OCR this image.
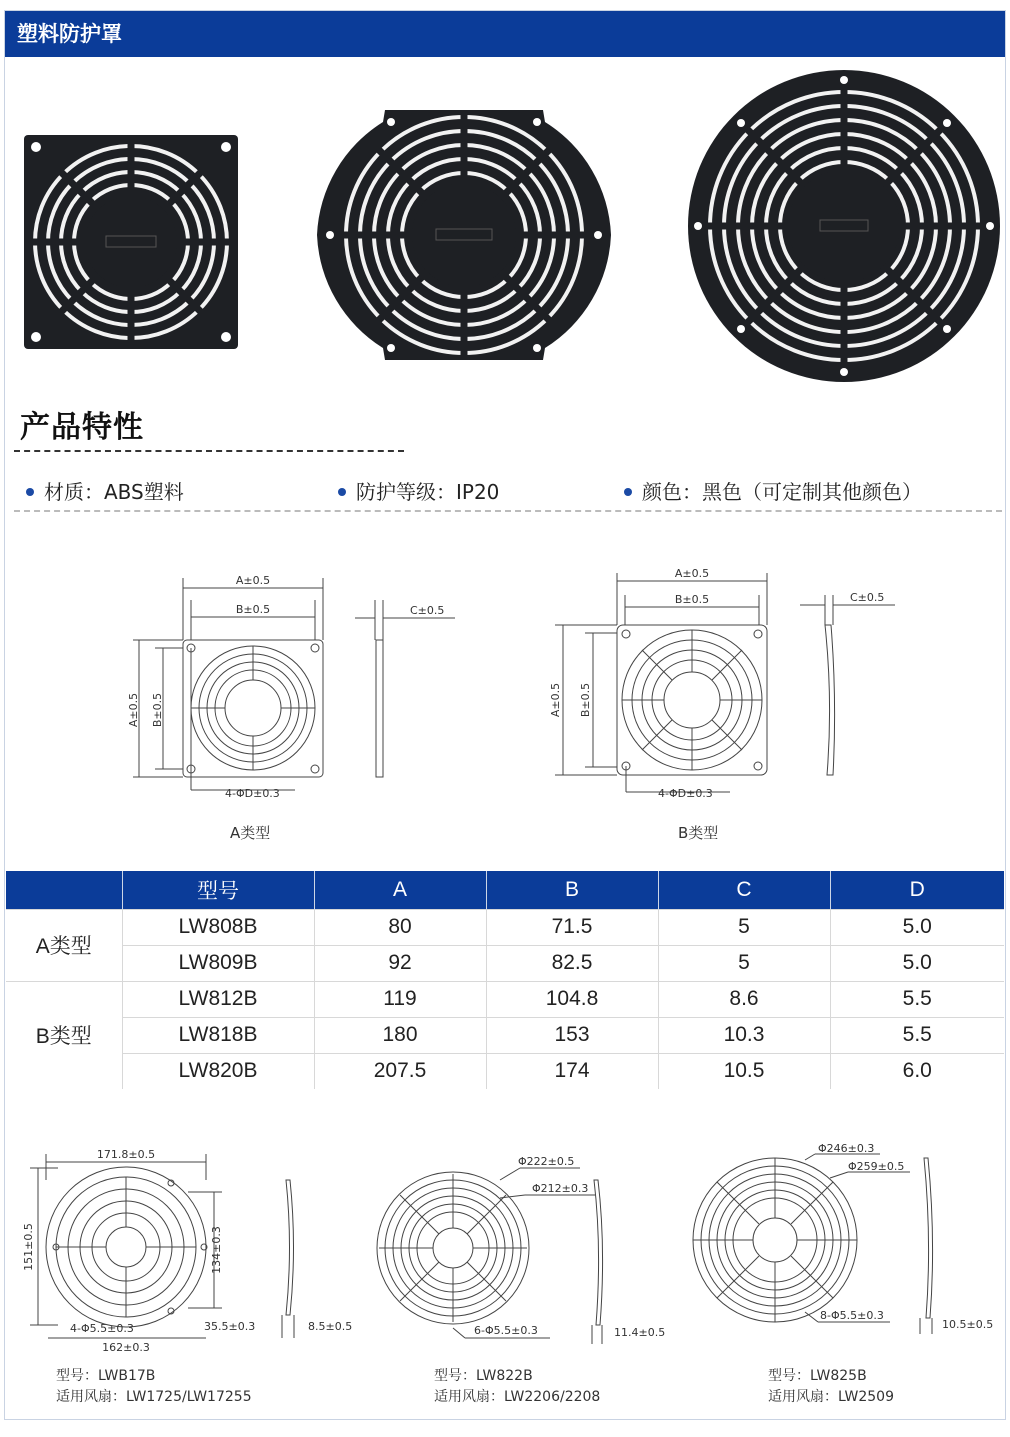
塑料防护罩
产品特性
材质：ABS塑料	防护等级：IP20	颜色：黑色（可定制其他颜色）
A±0.5
B±0.5
A±0.5 B±0.5
C±0.5
4-ΦD±0.3
A类型
A±0.5
B±0.5
A±0.5 B±0.5
C±0.5
4-ΦD±0.3
B类型
	型号	A	B	C	D
A类型	LW808B	80	71.5	5	5.0
	LW809B	92	82.5	5	5.0
B类型	LW812B	119	104.8	8.6	5.5
	LW818B	180	153	10.3	5.5
	LW820B	207.5	174	10.5	6.0
171.8±0.5
151±0.5	134±0.3
4-Φ5.5±0.3	35.5±0.3
162±0.3
8.5±0.5
型号：LWB17B
适用风扇：LW1725/LW17255
Φ222±0.5
Φ212±0.3
6-Φ5.5±0.3	11.4±0.5
型号：LW822B
适用风扇：LW2206/2208
Φ246±0.3
Φ259±0.5
8-Φ5.5±0.3
10.5±0.5
型号：LW825B
适用风扇：LW2509
